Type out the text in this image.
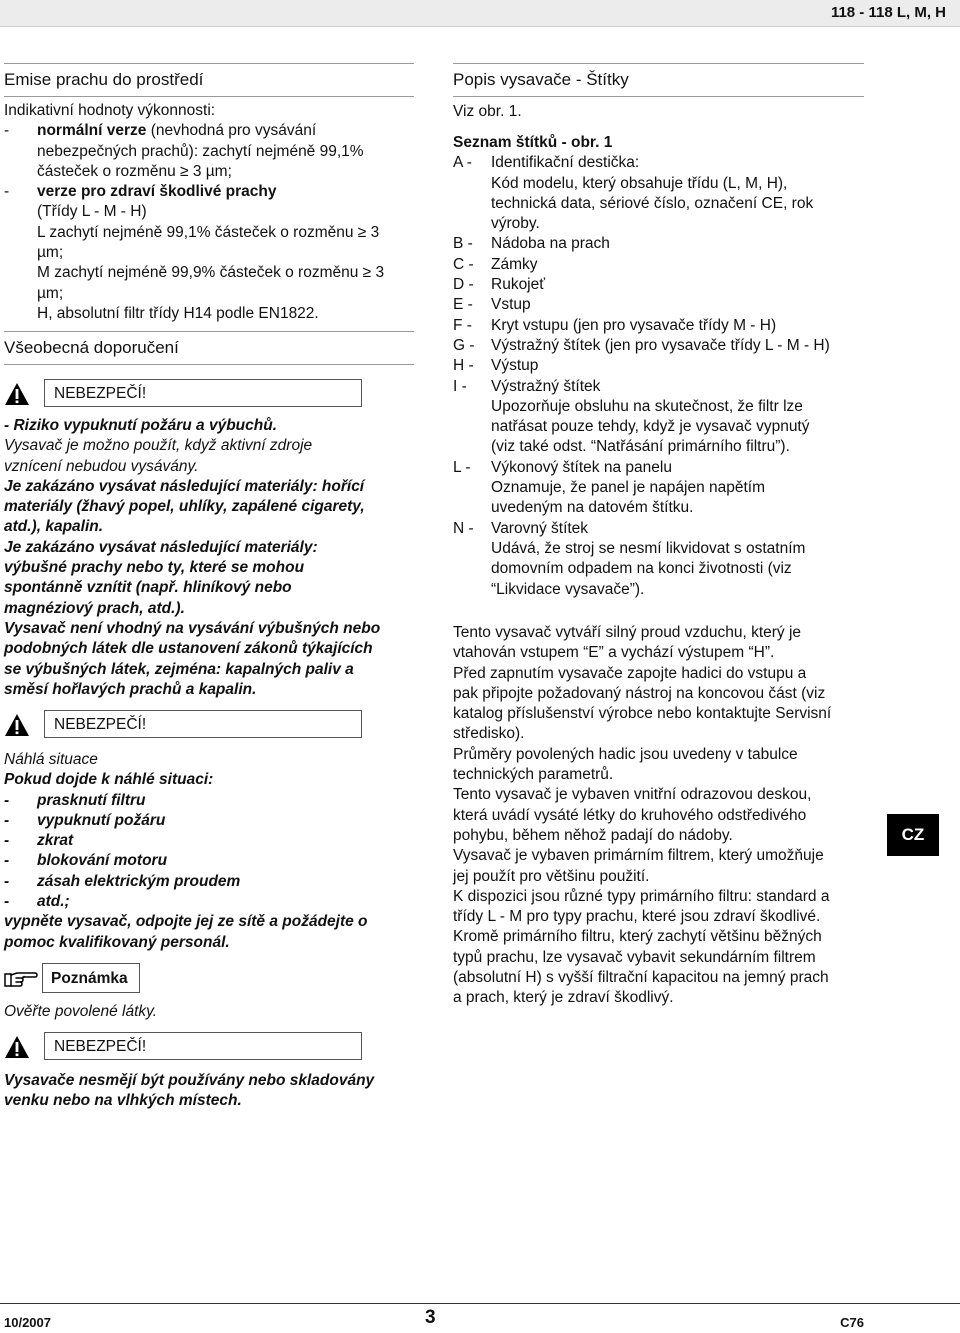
118 - 118 L, M, H
Emise prachu do prostředí
Indikativní hodnoty výkonnosti:
- normální verze (nevhodná pro vysávání
nebezpečných prachů): zachytí nejméně 99,1%
částeček o rozměnu ≥ 3 µm;
- verze pro zdraví škodlivé prachy
(Třídy L - M - H)
L zachytí nejméně 99,1% částeček o rozměnu ≥ 3
µm;
M zachytí nejméně 99,9% částeček o rozměnu ≥ 3
µm;
H, absolutní filtr třídy H14 podle EN1822.
Všeobecná doporučení
NEBEZPEČÍ!
- Riziko vypuknutí požáru a výbuchů.
Vysavač je možno použít, když aktivní zdroje
vznícení nebudou vysávány.
Je zakázáno vysávat následující materiály: hořící
materiály (žhavý popel, uhlíky, zapálené cigarety,
atd.), kapalin.
Je zakázáno vysávat následující materiály:
výbušné prachy nebo ty, které se mohou
spontánně vznítit (např. hliníkový nebo
magnéziový prach, atd.).
Vysavač není vhodný na vysávání výbušných nebo
podobných látek dle ustanovení zákonů týkajících
se výbušných látek, zejména: kapalných paliv a
směsí hořlavých prachů a kapalin.
NEBEZPEČÍ!
Náhlá situace
Pokud dojde k náhlé situaci:
- prasknutí filtru
- vypuknutí požáru
- zkrat
- blokování motoru
- zásah elektrickým proudem
- atd.;
vypněte vysavač, odpojte jej ze sítě a požádejte o
pomoc kvalifikovaný personál.
Poznámka
Ověřte povolené látky.
NEBEZPEČÍ!
Vysavače nesmějí být používány nebo skladovány
venku nebo na vlhkých místech.
Popis vysavače - Štítky
Viz obr. 1.
Seznam štítků - obr. 1
A - Identifikační destička:
Kód modelu, který obsahuje třídu (L, M, H),
technická data, sériové číslo, označení CE, rok
výroby.
B - Nádoba na prach
C - Zámky
D - Rukojeť
E - Vstup
F - Kryt vstupu (jen pro vysavače třídy M - H)
G - Výstražný štítek (jen pro vysavače třídy L - M - H)
H - Výstup
I - Výstražný štítek
Upozorňuje obsluhu na skutečnost, že filtr lze
natřásat pouze tehdy, když je vysavač vypnutý
(viz také odst. “Natřásání primárního filtru”).
L - Výkonový štítek na panelu
Oznamuje, že panel je napájen napětím
uvedeným na datovém štítku.
N - Varovný štítek
Udává, že stroj se nesmí likvidovat s ostatním
domovním odpadem na konci životnosti (viz
“Likvidace vysavače”).
Tento vysavač vytváří silný proud vzduchu, který je
vtahován vstupem “E” a vychází výstupem “H”.
Před zapnutím vysavače zapojte hadici do vstupu a
pak připojte požadovaný nástroj na koncovou část (viz
katalog příslušenství výrobce nebo kontaktujte Servisní
středisko).
Průměry povolených hadic jsou uvedeny v tabulce
technických parametrů.
Tento vysavač je vybaven vnitřní odrazovou deskou,
která uvádí vysáté létky do kruhového odstředivého
pohybu, během něhož padají do nádoby.
Vysavač je vybaven primárním filtrem, který umožňuje
jej použít pro většinu použití.
K dispozici jsou různé typy primárního filtru: standard a
třídy L - M pro typy prachu, které jsou zdraví škodlivé.
Kromě primárního filtru, který zachytí většinu běžných
typů prachu, lze vysavač vybavit sekundárním filtrem
(absolutní H) s vyšší filtrační kapacitou na jemný prach
a prach, který je zdraví škodlivý.
CZ
10/2007	3	C76
